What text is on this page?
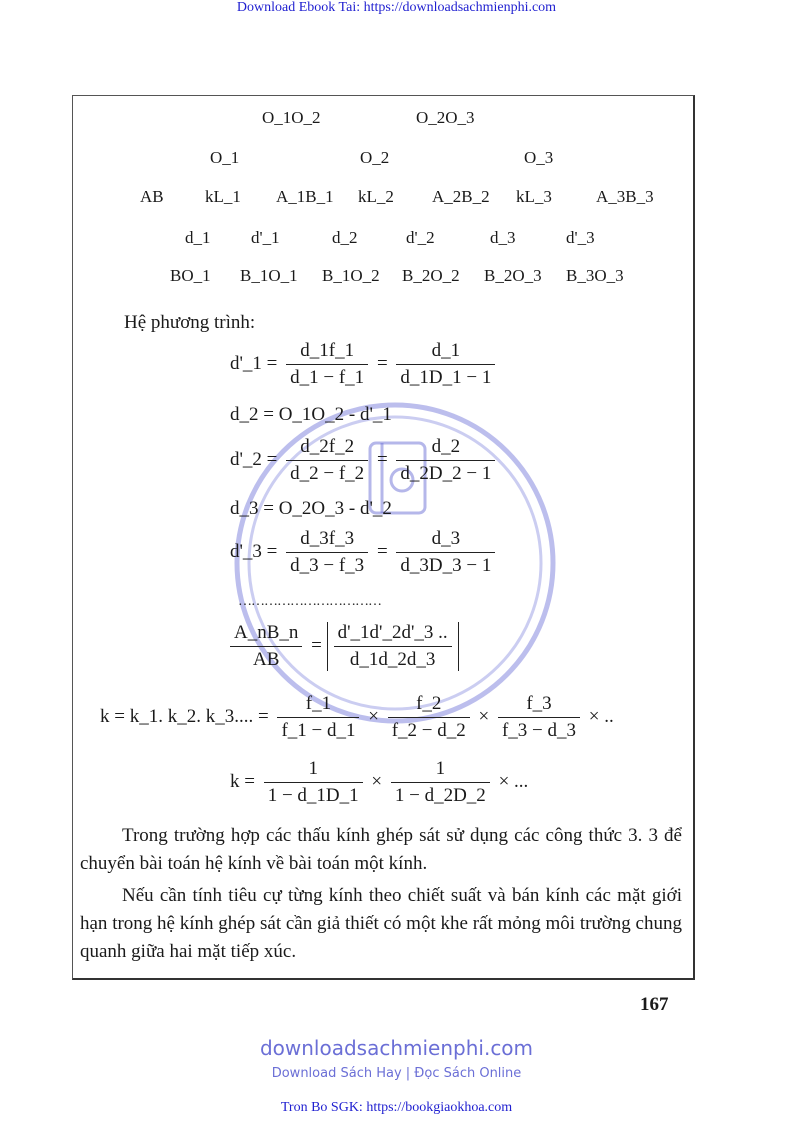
Download Ebook Tai: https://downloadsachmienphi.com
O_1O_2	O_2O_3
O_1	O_2	O_3
AB kL_1 A_1B_1 kL_2 A_2B_2 kL_3	A_3B_3
d_1 d'_1	d_2	d'_2	d_3	d'_3
BO_1 B_1O_1 B_1O_2 B_2O_2 B_2O_3 B_3O_3
Hệ phương trình:
d'_1 = $\frac{d\_1f\_1}{d\_1 - f\_1} = \frac{d\_1}{d\_1D\_1 - 1}$
d_2 = O_1O_2 - d'_1
d'_2 = $\frac{d\_2f\_2}{d\_2 - f\_2} = \frac{d\_2}{d\_2D\_2 - 1}$
d_3 = O_2O_3 - d'_2
d'_3 = $\frac{d\_3f\_3}{d\_3 - f\_3} = \frac{d\_3}{d\_3D\_3 - 1}$
……………………………
$\frac{A\_nB\_n}{AB} = \frac{d'\_1d'\_2d'\_3 ..}{d\_1d\_2d\_3}$
k = k_1. k_2. k_3.... = $\frac{f\_1}{f\_1 - d\_1} \times \frac{f\_2}{f\_2 - d\_2} \times \frac{f\_3}{f\_3 - d\_3}$ × ..
$k = \frac{1}{1 - d\_1D\_1} \times \frac{1}{1 - d\_2D\_2}$ × ...

Trong trường hợp các thấu kính ghép sát sử dụng các công thức 3. 3 để chuyển bài toán hệ kính về bài toán một kính.

Nếu cần tính tiêu cự từng kính theo chiết suất và bán kính các mặt giới hạn trong hệ kính ghép sát cần giả thiết có một khe rất mỏng môi trường chung quanh giữa hai mặt tiếp xúc.

167
downloadsachmienphi.com
Download Sách Hay | Đọc Sách Online
Tron Bo SGK: https://bookgiaokhoa.com
